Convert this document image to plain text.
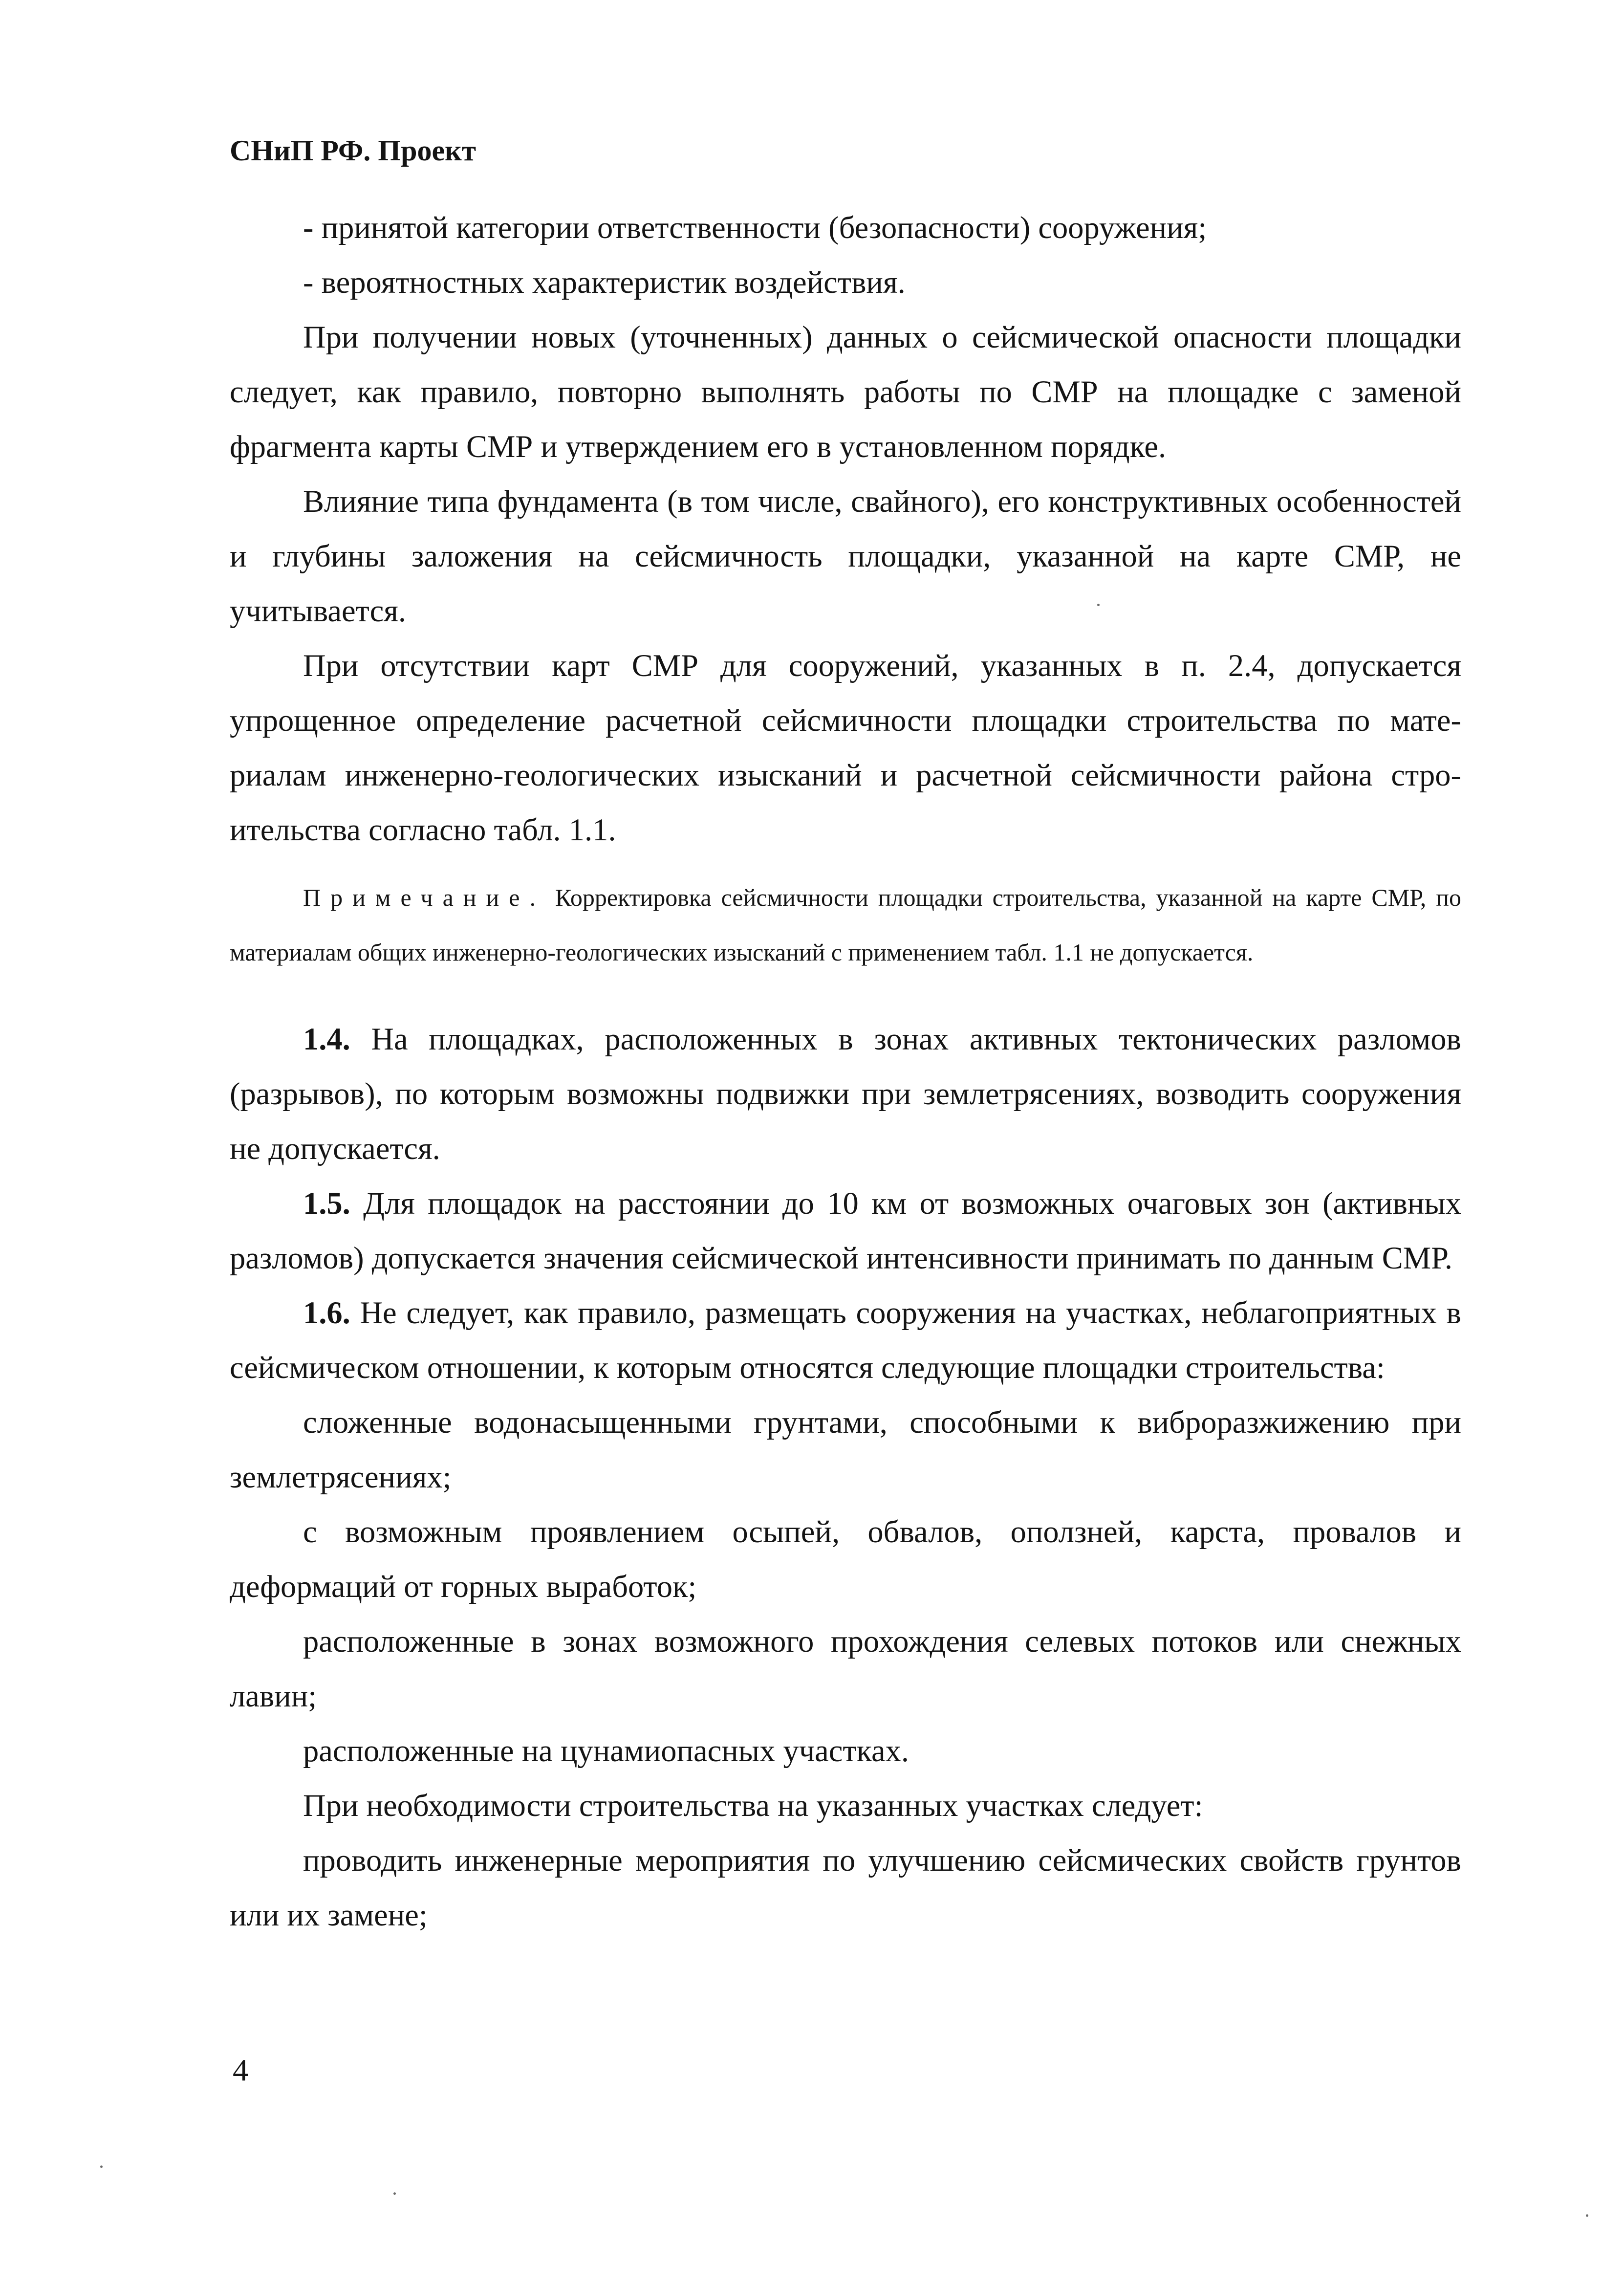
СНиП РФ. Проект

- принятой категории ответственности (безопасности) сооружения;

- вероятностных характеристик воздействия.

При получении новых (уточненных) данных о сейсмической опасности площадки следует, как правило, повторно выполнять работы по СМР на площадке с заменой фрагмента карты СМР и утверждением его в установленном порядке.

Влияние типа фундамента (в том числе, свайного), его конструктивных особенностей и глубины заложения на сейсмичность площадки, указанной на карте СМР, не учитывается.

При отсутствии карт СМР для сооружений, указанных в п. 2.4, допускается упрощенное определение расчетной сейсмичности площадки строительства по материалам инженерно-геологических изысканий и расчетной сейсмичности района строительства согласно табл. 1.1.

Примечание. Корректировка сейсмичности площадки строительства, указанной на карте СМР, по материалам общих инженерно-геологических изысканий с применением табл. 1.1 не допускается.

1.4. На площадках, расположенных в зонах активных тектонических разломов (разрывов), по которым возможны подвижки при землетрясениях, возводить сооружения не допускается.

1.5. Для площадок на расстоянии до 10 км от возможных очаговых зон (активных разломов) допускается значения сейсмической интенсивности принимать по данным СМР.

1.6. Не следует, как правило, размещать сооружения на участках, неблагоприятных в сейсмическом отношении, к которым относятся следующие площадки строительства:

сложенные водонасыщенными грунтами, способными к виброразжижению при землетрясениях;

с возможным проявлением осыпей, обвалов, оползней, карста, провалов и деформаций от горных выработок;

расположенные в зонах возможного прохождения селевых потоков или снежных лавин;

расположенные на цунамиопасных участках.

При необходимости строительства на указанных участках следует:

проводить инженерные мероприятия по улучшению сейсмических свойств грунтов или их замене;

4
